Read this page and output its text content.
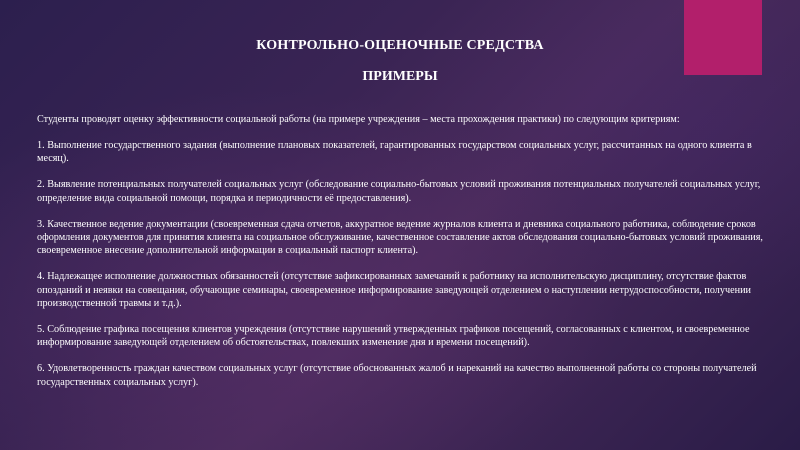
КОНТРОЛЬНО-ОЦЕНОЧНЫЕ СРЕДСТВА
ПРИМЕРЫ

Студенты проводят оценку эффективности социальной работы (на примере учреждения – места прохождения практики) по следующим критериям:

1. Выполнение государственного задания (выполнение плановых показателей, гарантированных государством социальных услуг, рассчитанных на одного клиента в месяц).

2. Выявление потенциальных получателей социальных услуг (обследование социально-бытовых условий проживания потенциальных получателей социальных услуг, определение вида социальной помощи, порядка и периодичности её предоставления).

3. Качественное ведение документации (своевременная сдача отчетов, аккуратное ведение журналов клиента и дневника социального работника, соблюдение сроков оформления документов для принятия клиента на социальное обслуживание, качественное составление актов обследования социально-бытовых условий проживания, своевременное внесение дополнительной информации в социальный паспорт клиента).

4. Надлежащее исполнение должностных обязанностей (отсутствие зафиксированных замечаний к работнику на исполнительскую дисциплину, отсутствие фактов опозданий и неявки на совещания, обучающие семинары, своевременное информирование заведующей отделением о наступлении нетрудоспособности, получении производственной травмы и т.д.).

5. Соблюдение графика посещения клиентов учреждения (отсутствие нарушений утвержденных графиков посещений, согласованных с клиентом, и своевременное информирование заведующей отделением об обстоятельствах, повлекших изменение дня и времени посещений).

6. Удовлетворенность граждан качеством социальных услуг (отсутствие обоснованных жалоб и нареканий на качество выполненной работы со стороны получателей государственных социальных услуг).
